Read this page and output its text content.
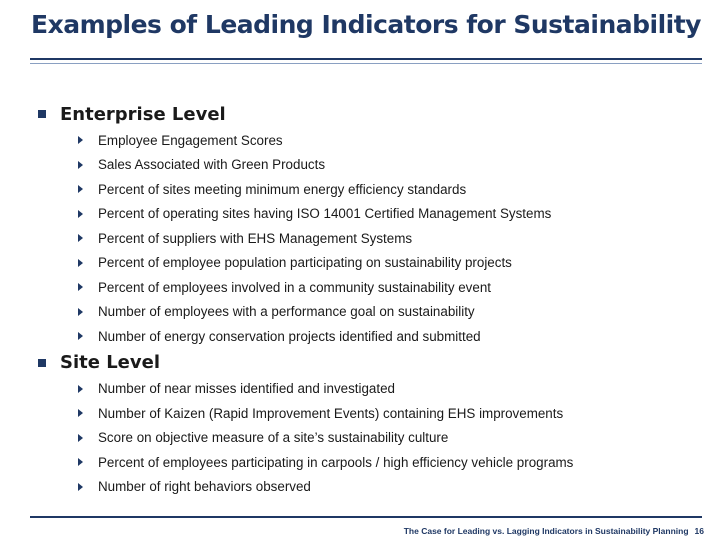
Examples of Leading Indicators for Sustainability
Enterprise Level
Employee Engagement Scores
Sales Associated with Green Products
Percent of sites meeting minimum energy efficiency standards
Percent of operating sites having ISO 14001 Certified Management Systems
Percent of suppliers with EHS Management Systems
Percent of employee population participating on sustainability projects
Percent of employees involved in a community sustainability event
Number of employees with a performance goal on sustainability
Number of energy conservation projects identified and submitted
Site Level
Number of near misses identified and investigated
Number of Kaizen (Rapid Improvement Events) containing EHS improvements
Score on objective measure of a site’s sustainability culture
Percent of employees participating in carpools / high efficiency vehicle programs
Number of right behaviors observed
The Case for Leading vs. Lagging Indicators in Sustainability Planning 16
